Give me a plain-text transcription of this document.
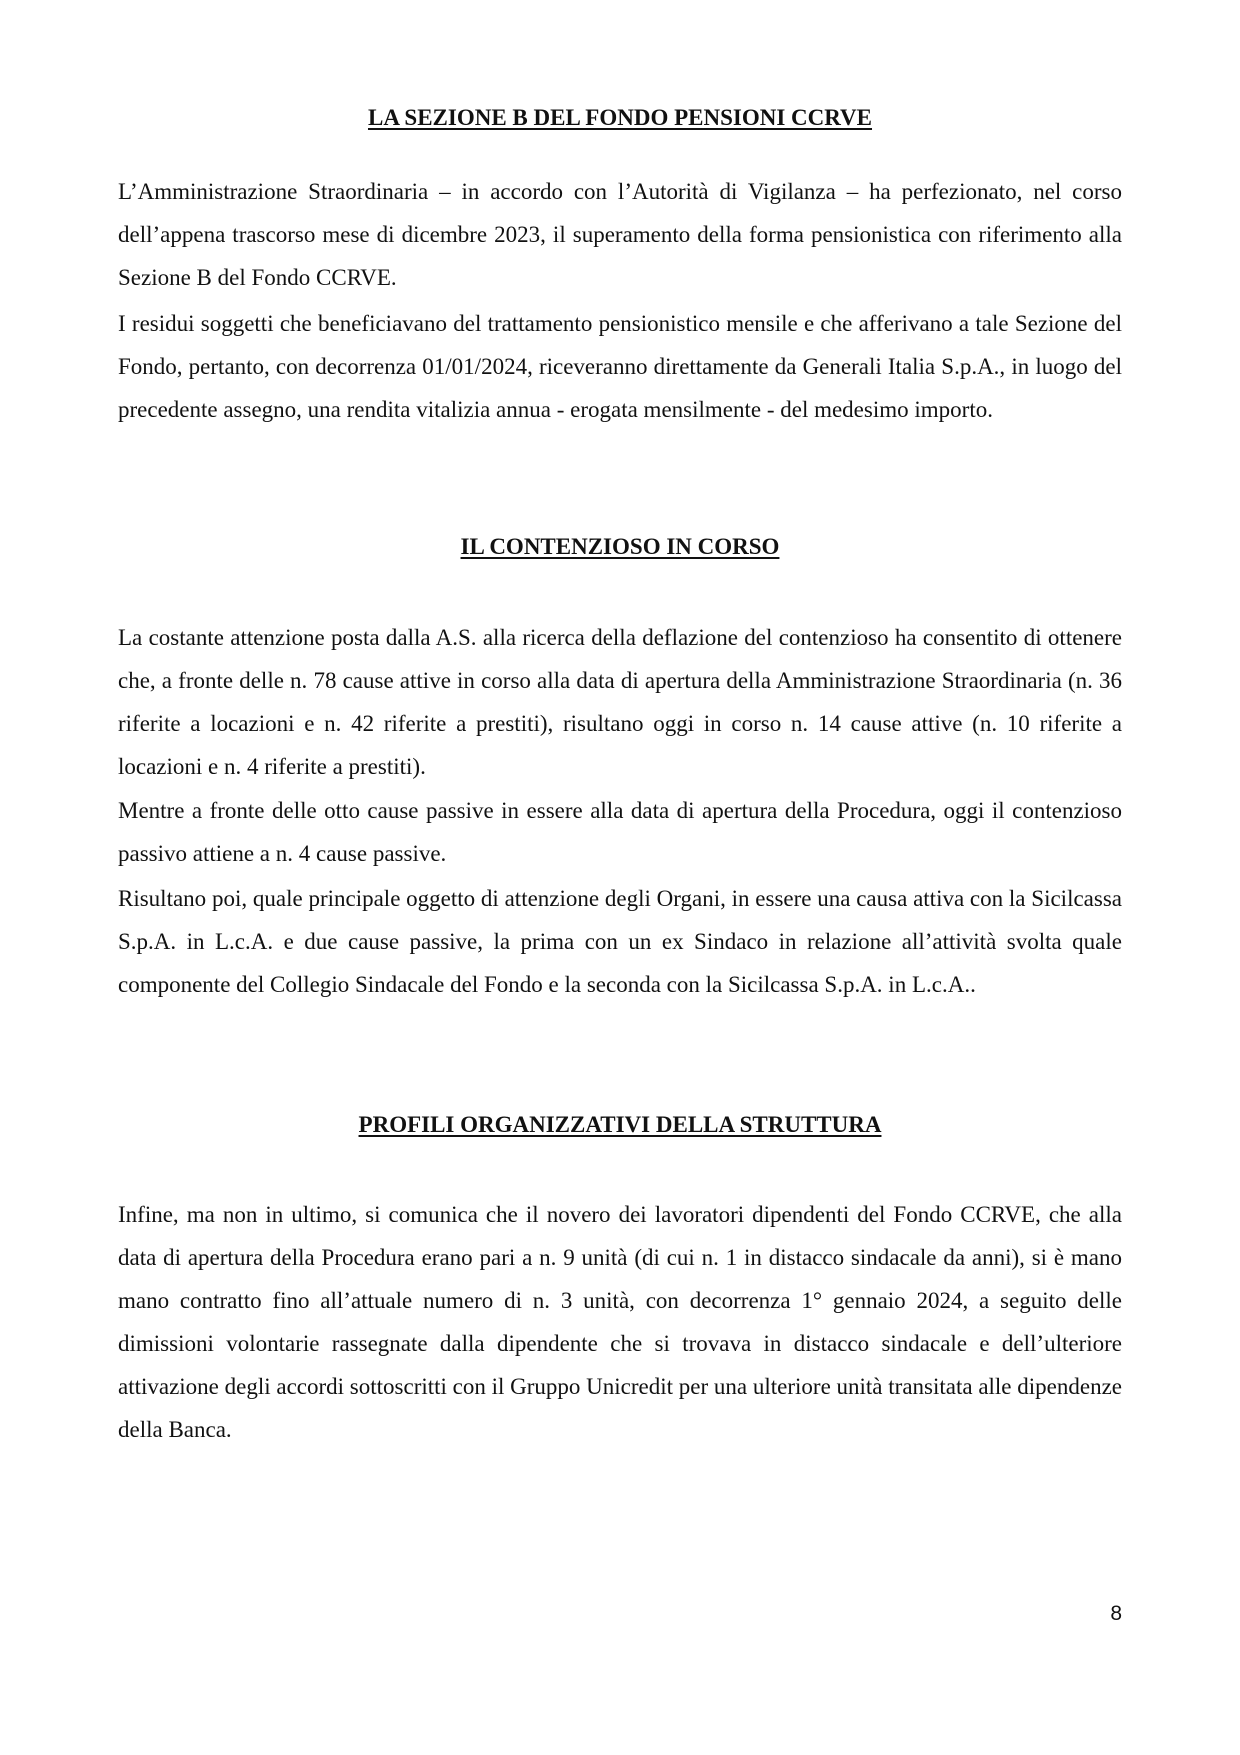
LA SEZIONE B DEL FONDO PENSIONI CCRVE

L’Amministrazione Straordinaria – in accordo con l’Autorità di Vigilanza – ha perfezionato, nel corso dell’appena trascorso mese di dicembre 2023, il superamento della forma pensionistica con riferimento alla Sezione B del Fondo CCRVE.

I residui soggetti che beneficiavano del trattamento pensionistico mensile e che afferivano a tale Sezione del Fondo, pertanto, con decorrenza 01/01/2024, riceveranno direttamente da Generali Italia S.p.A., in luogo del precedente assegno, una rendita vitalizia annua - erogata mensilmente - del medesimo importo.

IL CONTENZIOSO IN CORSO

La costante attenzione posta dalla A.S. alla ricerca della deflazione del contenzioso ha consentito di ottenere che, a fronte delle n. 78 cause attive in corso alla data di apertura della Amministrazione Straordinaria (n. 36 riferite a locazioni e n. 42 riferite a prestiti), risultano oggi in corso n. 14 cause attive (n. 10 riferite a locazioni e n. 4 riferite a prestiti).

Mentre a fronte delle otto cause passive in essere alla data di apertura della Procedura, oggi il contenzioso passivo attiene a n. 4 cause passive.

Risultano poi, quale principale oggetto di attenzione degli Organi, in essere una causa attiva con la Sicilcassa S.p.A. in L.c.A. e due cause passive, la prima con un ex Sindaco in relazione all’attività svolta quale componente del Collegio Sindacale del Fondo e la seconda con la Sicilcassa S.p.A. in L.c.A..

PROFILI ORGANIZZATIVI DELLA STRUTTURA

Infine, ma non in ultimo, si comunica che il novero dei lavoratori dipendenti del Fondo CCRVE, che alla data di apertura della Procedura erano pari a n. 9 unità (di cui n. 1 in distacco sindacale da anni), si è mano mano contratto fino all’attuale numero di n. 3 unità, con decorrenza 1° gennaio 2024, a seguito delle dimissioni volontarie rassegnate dalla dipendente che si trovava in distacco sindacale e dell’ulteriore attivazione degli accordi sottoscritti con il Gruppo Unicredit per una ulteriore unità transitata alle dipendenze della Banca.

8
